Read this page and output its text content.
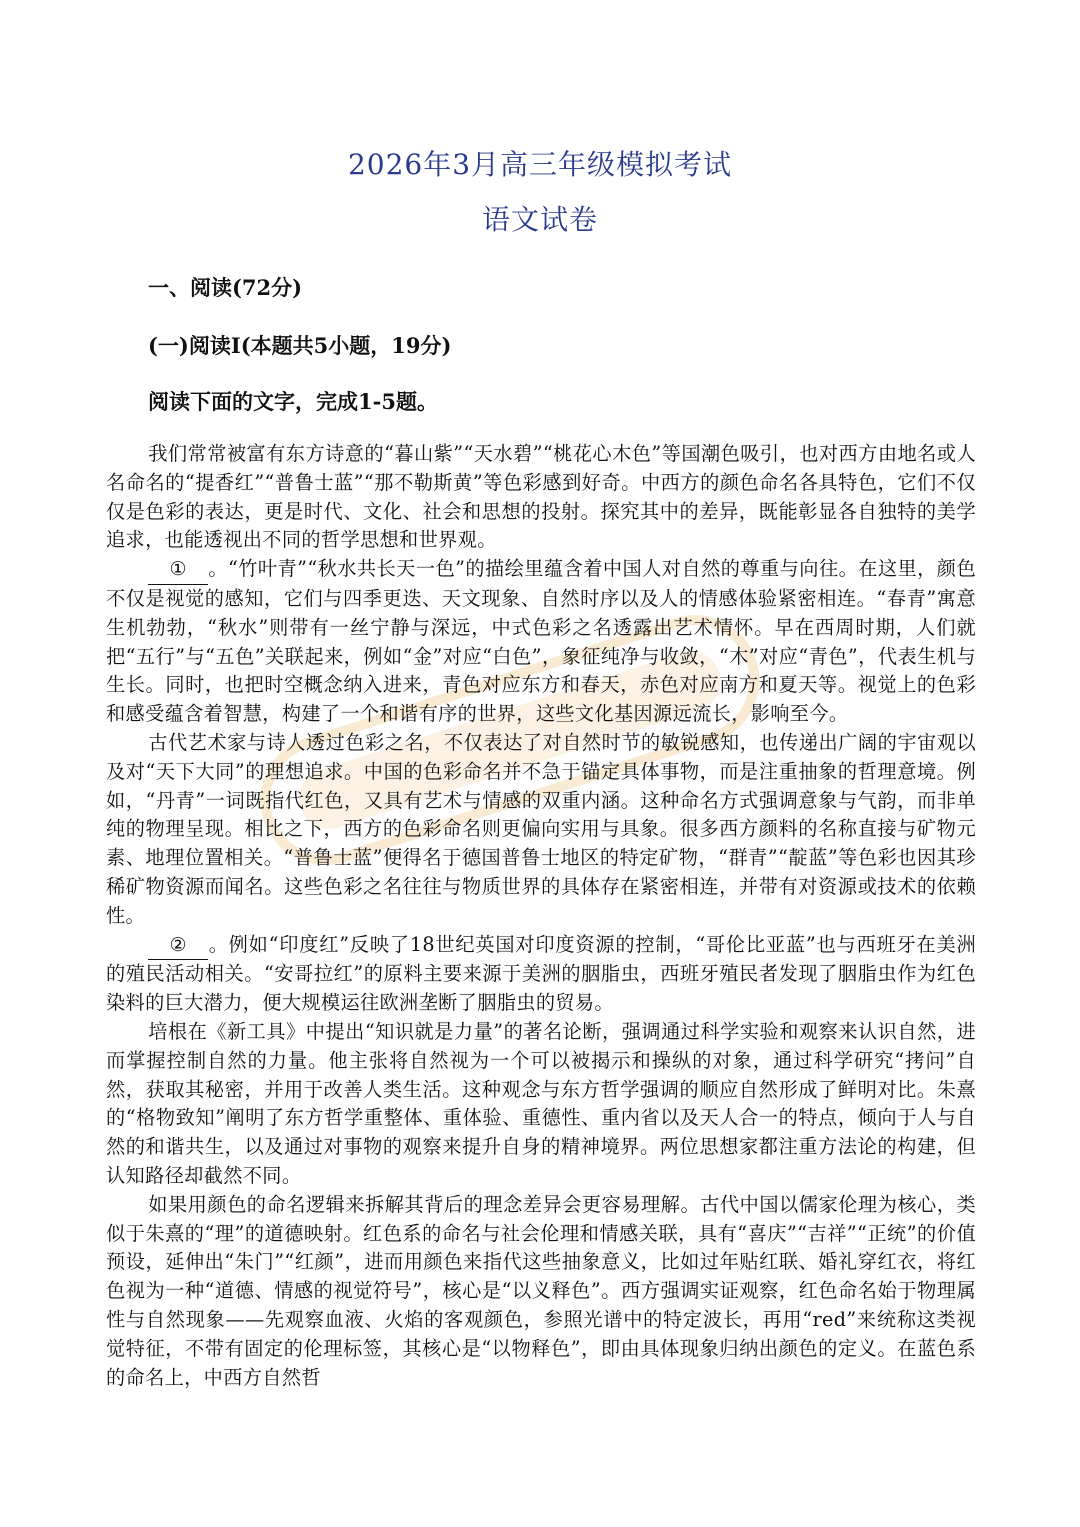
2026年3月高三年级模拟考试
语文试卷
一、阅读(72分)
(一)阅读Ⅰ(本题共5小题，19分)
阅读下面的文字，完成1-5题。

我们常常被富有东方诗意的“暮山紫”“天水碧”“桃花心木色”等国潮色吸引，也对西方由地名或人名命名的“提香红”“普鲁士蓝”“那不勒斯黄”等色彩感到好奇。中西方的颜色命名各具特色，它们不仅仅是色彩的表达，更是时代、文化、社会和思想的投射。探究其中的差异，既能彰显各自独特的美学追求，也能透视出不同的哲学思想和世界观。

① 。“竹叶青”“秋水共长天一色”的描绘里蕴含着中国人对自然的尊重与向往。在这里，颜色不仅是视觉的感知，它们与四季更迭、天文现象、自然时序以及人的情感体验紧密相连。“春青”寓意生机勃勃，“秋水”则带有一丝宁静与深远，中式色彩之名透露出艺术情怀。早在西周时期，人们就把“五行”与“五色”关联起来，例如“金”对应“白色”，象征纯净与收敛，“木”对应“青色”，代表生机与生长。同时，也把时空概念纳入进来，青色对应东方和春天，赤色对应南方和夏天等。视觉上的色彩和感受蕴含着智慧，构建了一个和谐有序的世界，这些文化基因源远流长，影响至今。

古代艺术家与诗人透过色彩之名，不仅表达了对自然时节的敏锐感知，也传递出广阔的宇宙观以及对“天下大同”的理想追求。中国的色彩命名并不急于锚定具体事物，而是注重抽象的哲理意境。例如，“丹青”一词既指代红色，又具有艺术与情感的双重内涵。这种命名方式强调意象与气韵，而非单纯的物理呈现。相比之下，西方的色彩命名则更偏向实用与具象。很多西方颜料的名称直接与矿物元素、地理位置相关。“普鲁士蓝”便得名于德国普鲁士地区的特定矿物，“群青”“靛蓝”等色彩也因其珍稀矿物资源而闻名。这些色彩之名往往与物质世界的具体存在紧密相连，并带有对资源或技术的依赖性。

② 。例如“印度红”反映了18世纪英国对印度资源的控制，“哥伦比亚蓝”也与西班牙在美洲的殖民活动相关。“安哥拉红”的原料主要来源于美洲的胭脂虫，西班牙殖民者发现了胭脂虫作为红色染料的巨大潜力，便大规模运往欧洲垄断了胭脂虫的贸易。

培根在《新工具》中提出“知识就是力量”的著名论断，强调通过科学实验和观察来认识自然，进而掌握控制自然的力量。他主张将自然视为一个可以被揭示和操纵的对象，通过科学研究“拷问”自然，获取其秘密，并用于改善人类生活。这种观念与东方哲学强调的顺应自然形成了鲜明对比。朱熹的“格物致知”阐明了东方哲学重整体、重体验、重德性、重内省以及天人合一的特点，倾向于人与自然的和谐共生，以及通过对事物的观察来提升自身的精神境界。两位思想家都注重方法论的构建，但认知路径却截然不同。

如果用颜色的命名逻辑来拆解其背后的理念差异会更容易理解。古代中国以儒家伦理为核心，类似于朱熹的“理”的道德映射。红色系的命名与社会伦理和情感关联，具有“喜庆”“吉祥”“正统”的价值预设，延伸出“朱门”“红颜”，进而用颜色来指代这些抽象意义，比如过年贴红联、婚礼穿红衣，将红色视为一种“道德、情感的视觉符号”，核心是“以义释色”。西方强调实证观察，红色命名始于物理属性与自然现象——先观察血液、火焰的客观颜色，参照光谱中的特定波长，再用“red”来统称这类视觉特征，不带有固定的伦理标签，其核心是“以物释色”，即由具体现象归纳出颜色的定义。在蓝色系的命名上，中西方自然哲
